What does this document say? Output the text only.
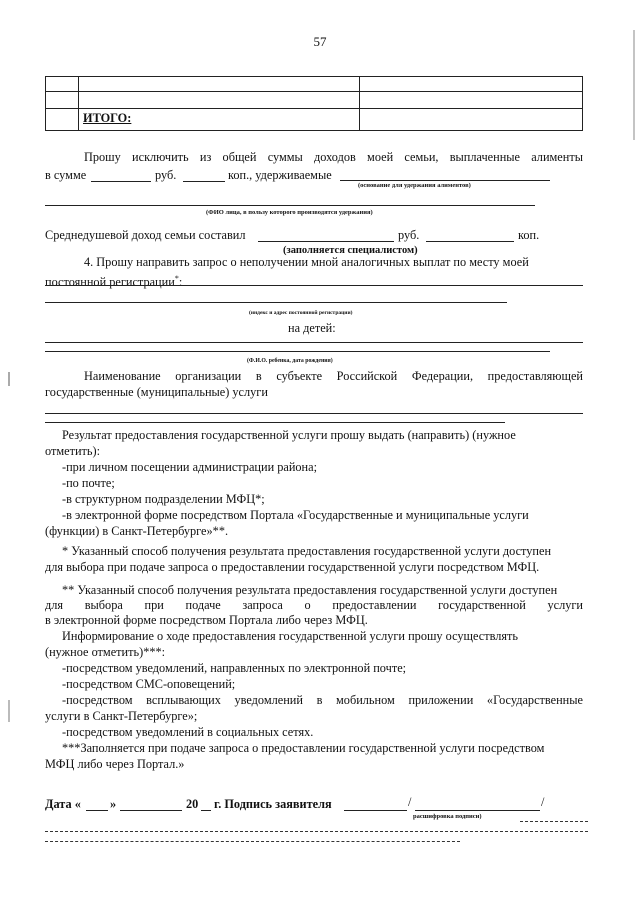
57
ИТОГО:
Прошу исключить из общей суммы доходов моей семьи, выплаченные алименты
в сумме	руб.	коп., удерживаемые
(основание для удержания алиментов)
(ФИО лица, в пользу которого производятся удержания)
Среднедушевой доход семьи составил	руб.	коп.
(заполняется специалистом)
4. Прошу направить запрос о неполучении мной аналогичных выплат по месту моей
постоянной регистрации*:
(индекс и адрес постоянной регистрации)
на детей:
(Ф.И.О. ребенка, дата рождения)
Наименование организации в субъекте Российской Федерации, предоставляющей
государственные (муниципальные) услуги
Результат предоставления государственной услуги прошу выдать (направить) (нужное
отметить):
-при личном посещении администрации района;
-по почте;
-в структурном подразделении МФЦ*;
-в электронной форме посредством Портала «Государственные и муниципальные услуги
(функции) в Санкт-Петербурге»**.
* Указанный способ получения результата предоставления государственной услуги доступен
для выбора при подаче запроса о предоставлении государственной услуги посредством МФЦ.
** Указанный способ получения результата предоставления государственной услуги доступен
для выбора при подаче запроса о предоставлении государственной услуги
в электронной форме посредством Портала либо через МФЦ.
Информирование о ходе предоставления государственной услуги прошу осуществлять
(нужное отметить)***:
-посредством уведомлений, направленных по электронной почте;
-посредством СМС-оповещений;
-посредством всплывающих уведомлений в мобильном приложении «Государственные
услуги в Санкт-Петербурге»;
-посредством уведомлений в социальных сетях.
***Заполняется при подаче запроса о предоставлении государственной услуги посредством
МФЦ либо через Портал.»
Дата « »	20 г. Подпись заявителя	/	/
расшифровка подписи)
